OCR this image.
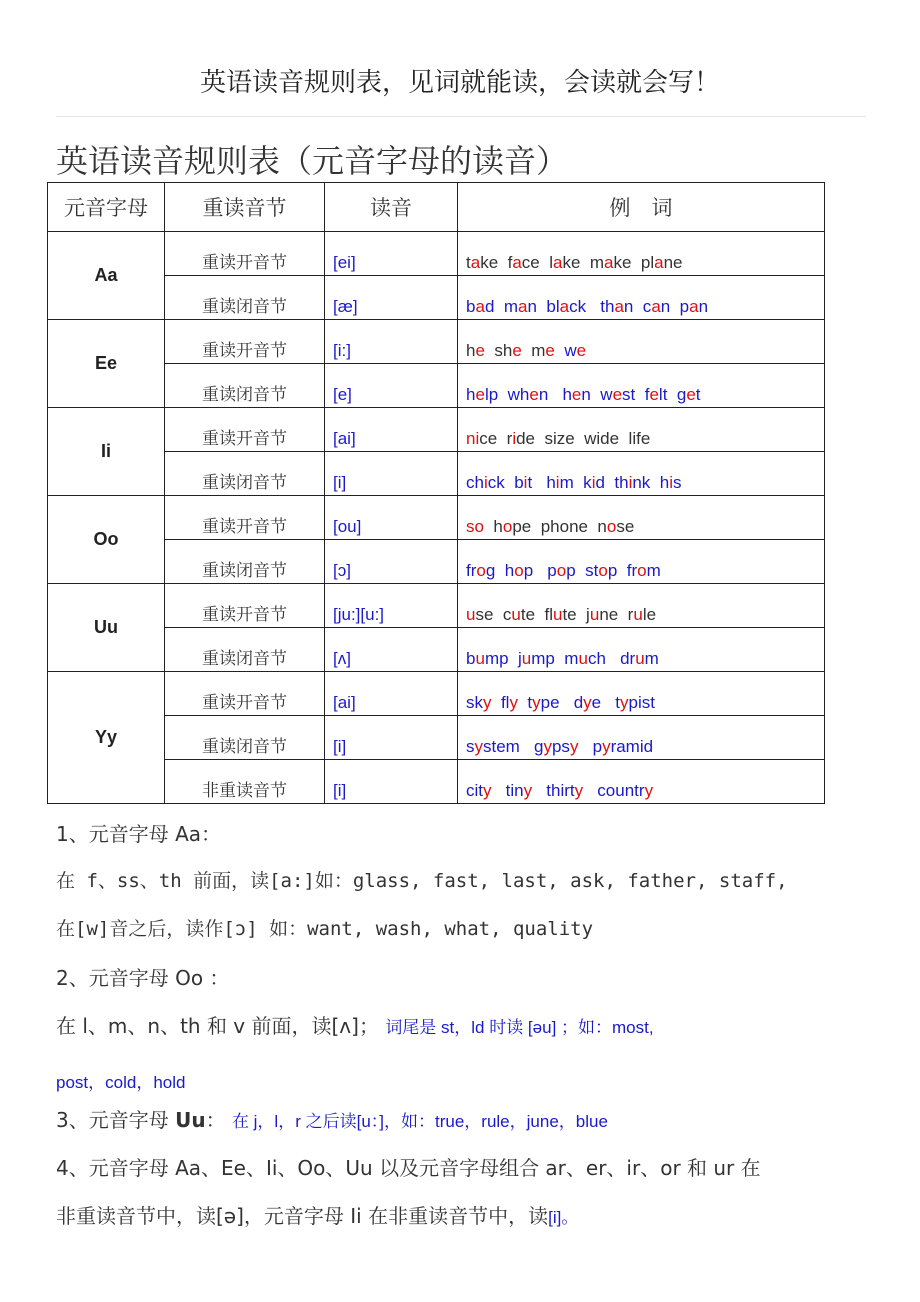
英语读音规则表，见词就能读，会读就会写！
英语读音规则表（元音字母的读音）
元音字母	重读音节	读音	例　词
Aa	重读开音节	[ei]	take  face  lake  make  plane
	重读闭音节	[æ]	bad  man  black   than  can  pan
Ee	重读开音节	[i:]	he  she  me  we
	重读闭音节	[e]	help  when   hen  west  felt  get
Ii	重读开音节	[ai]	nice  ride  size  wide  life
	重读闭音节	[i]	chick  bit   him  kid  think  his
Oo	重读开音节	[ou]	so  hope  phone  nose
	重读闭音节	[ɔ]	frog  hop   pop  stop  from
Uu	重读开音节	[ju:][u:]	use  cute  flute  june  rule
	重读闭音节	[ʌ]	bump  jump  much   drum
Yy	重读开音节	[ai]	sky  fly  type   dye   typist
	重读闭音节	[i]	system   gypsy   pyramid
	非重读音节	[i]	city   tiny   thirty   country
1、元音字母 Aa：
在 f、ss、th 前面，读[a:]如：glass, fast, last, ask, father, staff,
在[w]音之后，读作[ɔ] 如：want, wash, what, quality
2、元音字母 Oo ：
在 l、m、n、th 和 v 前面，读[ʌ]； 词尾是 st，ld 时读 [əu] ；如：most,
post，cold，hold
3、元音字母 Uu： 在 j，l，r 之后读[u：]，如：true，rule，june，blue
4、元音字母 Aa、Ee、Ii、Oo、Uu 以及元音字母组合 ar、er、ir、or 和 ur 在
非重读音节中，读[ə]，元音字母 Ii 在非重读音节中，读[i]。
